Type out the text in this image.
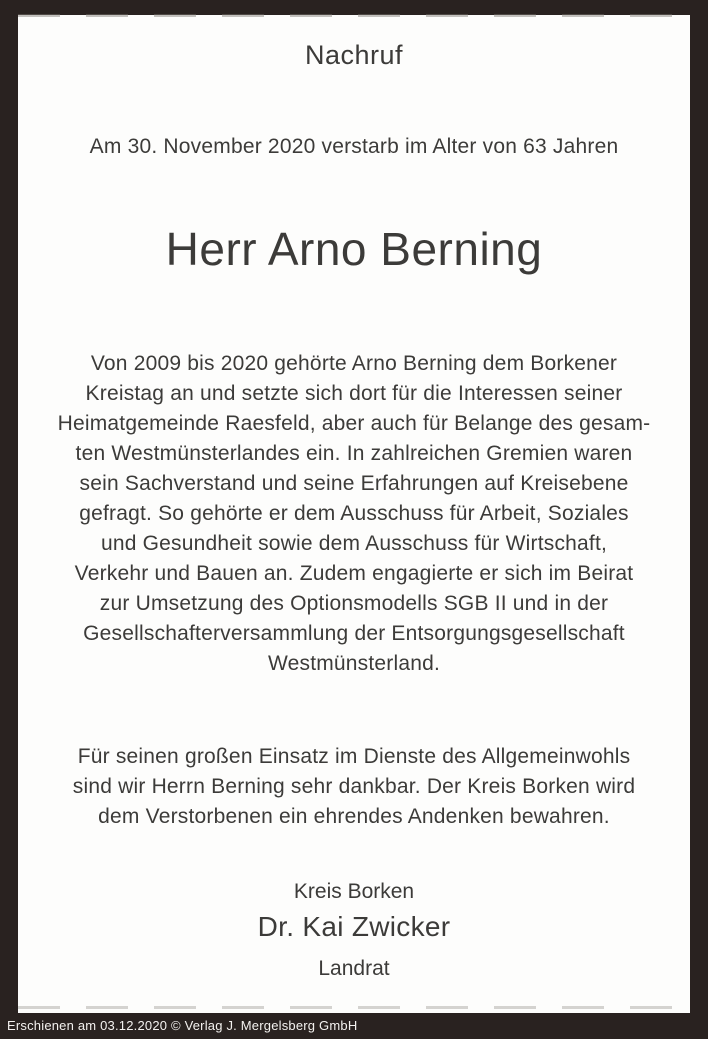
Nachruf

Am 30. November 2020 verstarb im Alter von 63 Jahren

Herr Arno Berning
Von 2009 bis 2020 gehörte Arno Berning dem Borkener
Kreistag an und setzte sich dort für die Interessen seiner
Heimatgemeinde Raesfeld, aber auch für Belange des gesam-
ten Westmünsterlandes ein. In zahlreichen Gremien waren
sein Sachverstand und seine Erfahrungen auf Kreisebene
gefragt. So gehörte er dem Ausschuss für Arbeit, Soziales
und Gesundheit sowie dem Ausschuss für Wirtschaft,
Verkehr und Bauen an. Zudem engagierte er sich im Beirat
zur Umsetzung des Optionsmodells SGB II und in der
Gesellschafterversammlung der Entsorgungsgesellschaft
Westmünsterland.
Für seinen großen Einsatz im Dienste des Allgemeinwohls
sind wir Herrn Berning sehr dankbar. Der Kreis Borken wird
dem Verstorbenen ein ehrendes Andenken bewahren.
Kreis Borken
Dr. Kai Zwicker
Landrat
Erschienen am 03.12.2020 © Verlag J. Mergelsberg GmbH
